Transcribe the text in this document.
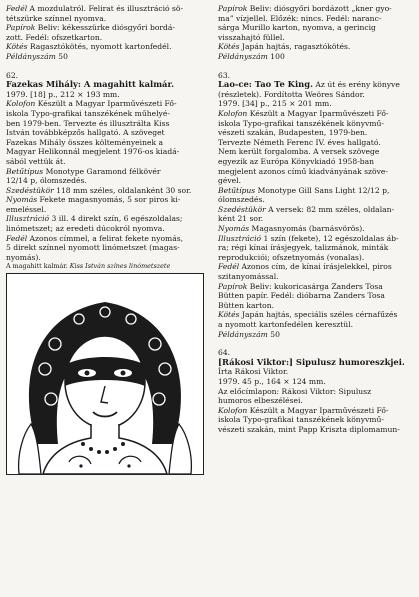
Fedél A mozdulatról. Felirat és illusztráció sö-

tétszürke színnel nyomva.

Papírok Beliv: kékesszürke diósgyőri bordá-

zott. Fedél: ofszetkarton.

Kötés Ragasztókötés, nyomott kartonfedél.

Példányszám 50

62.

Fazekas Mihály: A magahitt kalmár.

1979. [18] p., 212 × 193 mm.

Kolofon Készült a Magyar Iparművészeti Fő-

iskola Typo-grafikai tanszékének műhelyé-

ben 1979-ben. Tervezte és illusztrálta Kiss

István továbbképzős hallgató. A szöveget

Fazekas Mihály összes költeményeinek a

Magyar Helikonnál megjelent 1976-os kiadá-

sából vettük át.

Betűtípus Monotype Garamond félkövér

12/14 p, ólomszedés.

Szedéstükör 118 mm széles, oldalanként 30 sor.

Nyomás Fekete magasnyomás, 5 sor piros ki-

emeléssel.

Illusztráció 3 ill. 4 direkt szín, 6 egészoldalas;

linómetszet; az eredeti dúcokról nyomva.

Fedél Azonos címmel, a felirat fekete nyomás,

5 direkt színnel nyomott linómetszet (magas-

nyomás).

A magahitt kalmár. Kiss István színes linómetszete

Papírok Beliv: diósgyőri bordázott „kner gyo-

ma” vízjellel. Előzék: nincs. Fedél: naranc-

sárga Murillo karton, nyomva, a gerincig

visszahajtó füllel.

Kötés Japán hajtás, ragasztókötés.

Példányszám 100

63.

Lao-ce: Tao Te King. Az út és erény könyve (részletek). Fordította Weöres Sándor.

1979. [34] p., 215 × 201 mm.

Kolofon Készült a Magyar Iparművészeti Fő-

iskola Typo-grafikai tanszékének könyvmű-

vészeti szakán, Budapesten, 1979-ben.

Tervezte Németh Ferenc IV. éves hallgató.

Nem került forgalomba. A versek szövege

egyezik az Európa Könyvkiadó 1958-ban

megjelent azonos című kiadványának szöve-

gével.

Betűtípus Monotype Gill Sans Light 12/12 p,

ólomszedés.

Szedéstükör A versek: 82 mm széles, oldalan-

ként 21 sor.

Nyomás Magasnyomás (barnásvörös).

Illusztráció 1 szín (fekete), 12 egészoldalas áb-

ra; régi kínai írásjegyek, talizmánok, minták

reprodukciói; ofszetnyomás (vonalas).

Fedél Azonos cím, de kínai írásjelekkel, piros

szitanyomással.

Papírok Beliv: kukoricasárga Zanders Tosa

Bütten papír. Fedél: dióbarna Zanders Tosa

Bütten karton.

Kötés Japán hajtás, speciális széles cérnafűzés

a nyomott kartonfedélen keresztül.

Példányszám 50

64.

[Rákosi Viktor:] Sipulusz humoreszkjei.

Írta Rákosi Viktor.

1979. 45 p., 164 × 124 mm.

Az előcímlapon: Rákosi Viktor: Sipulusz

humoros elbeszélései.

Kolofon Készült a Magyar Iparművészeti Fő-

iskola Typo-grafikai tanszékének könyvmű-

vészeti szakán, mint Papp Kriszta diplomamun-
